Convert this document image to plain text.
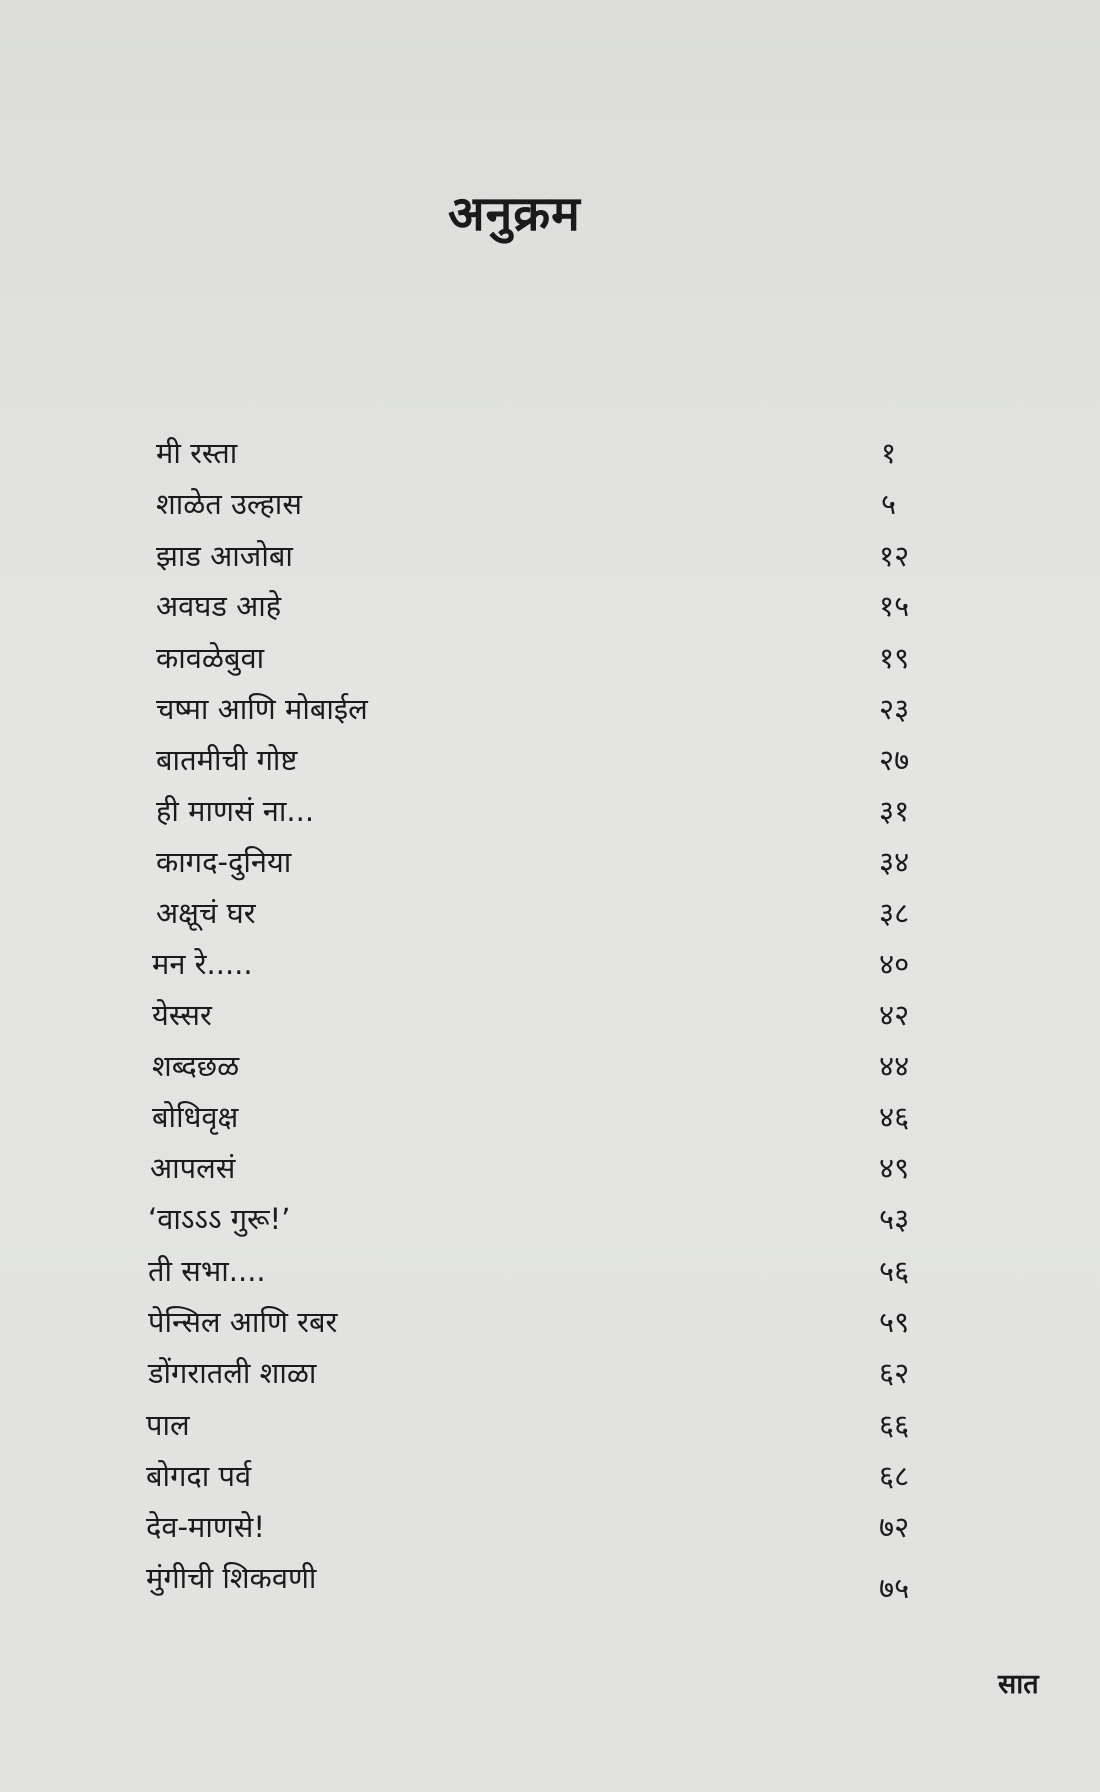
अनुक्रम
मी रस्ता	१
शाळेत उल्हास	५
झाड आजोबा	१२
अवघड आहे	१५
कावळेबुवा	१९
चष्मा आणि मोबाईल	२३
बातमीची गोष्ट	२७
ही माणसं ना...	३१
कागद-दुनिया	३४
अक्षूचं घर	३८
मन रे.....	४०
येस्सर	४२
शब्दछळ	४४
बोधिवृक्ष	४६
आपलसं	४९
‘वाऽऽऽ गुरू!’	५३
ती सभा....	५६
पेन्सिल आणि रबर	५९
डोंगरातली शाळा	६२
पाल	६६
बोगदा पर्व	६८
देव-माणसे!	७२
मुंगीची शिकवणी	७५
सात
